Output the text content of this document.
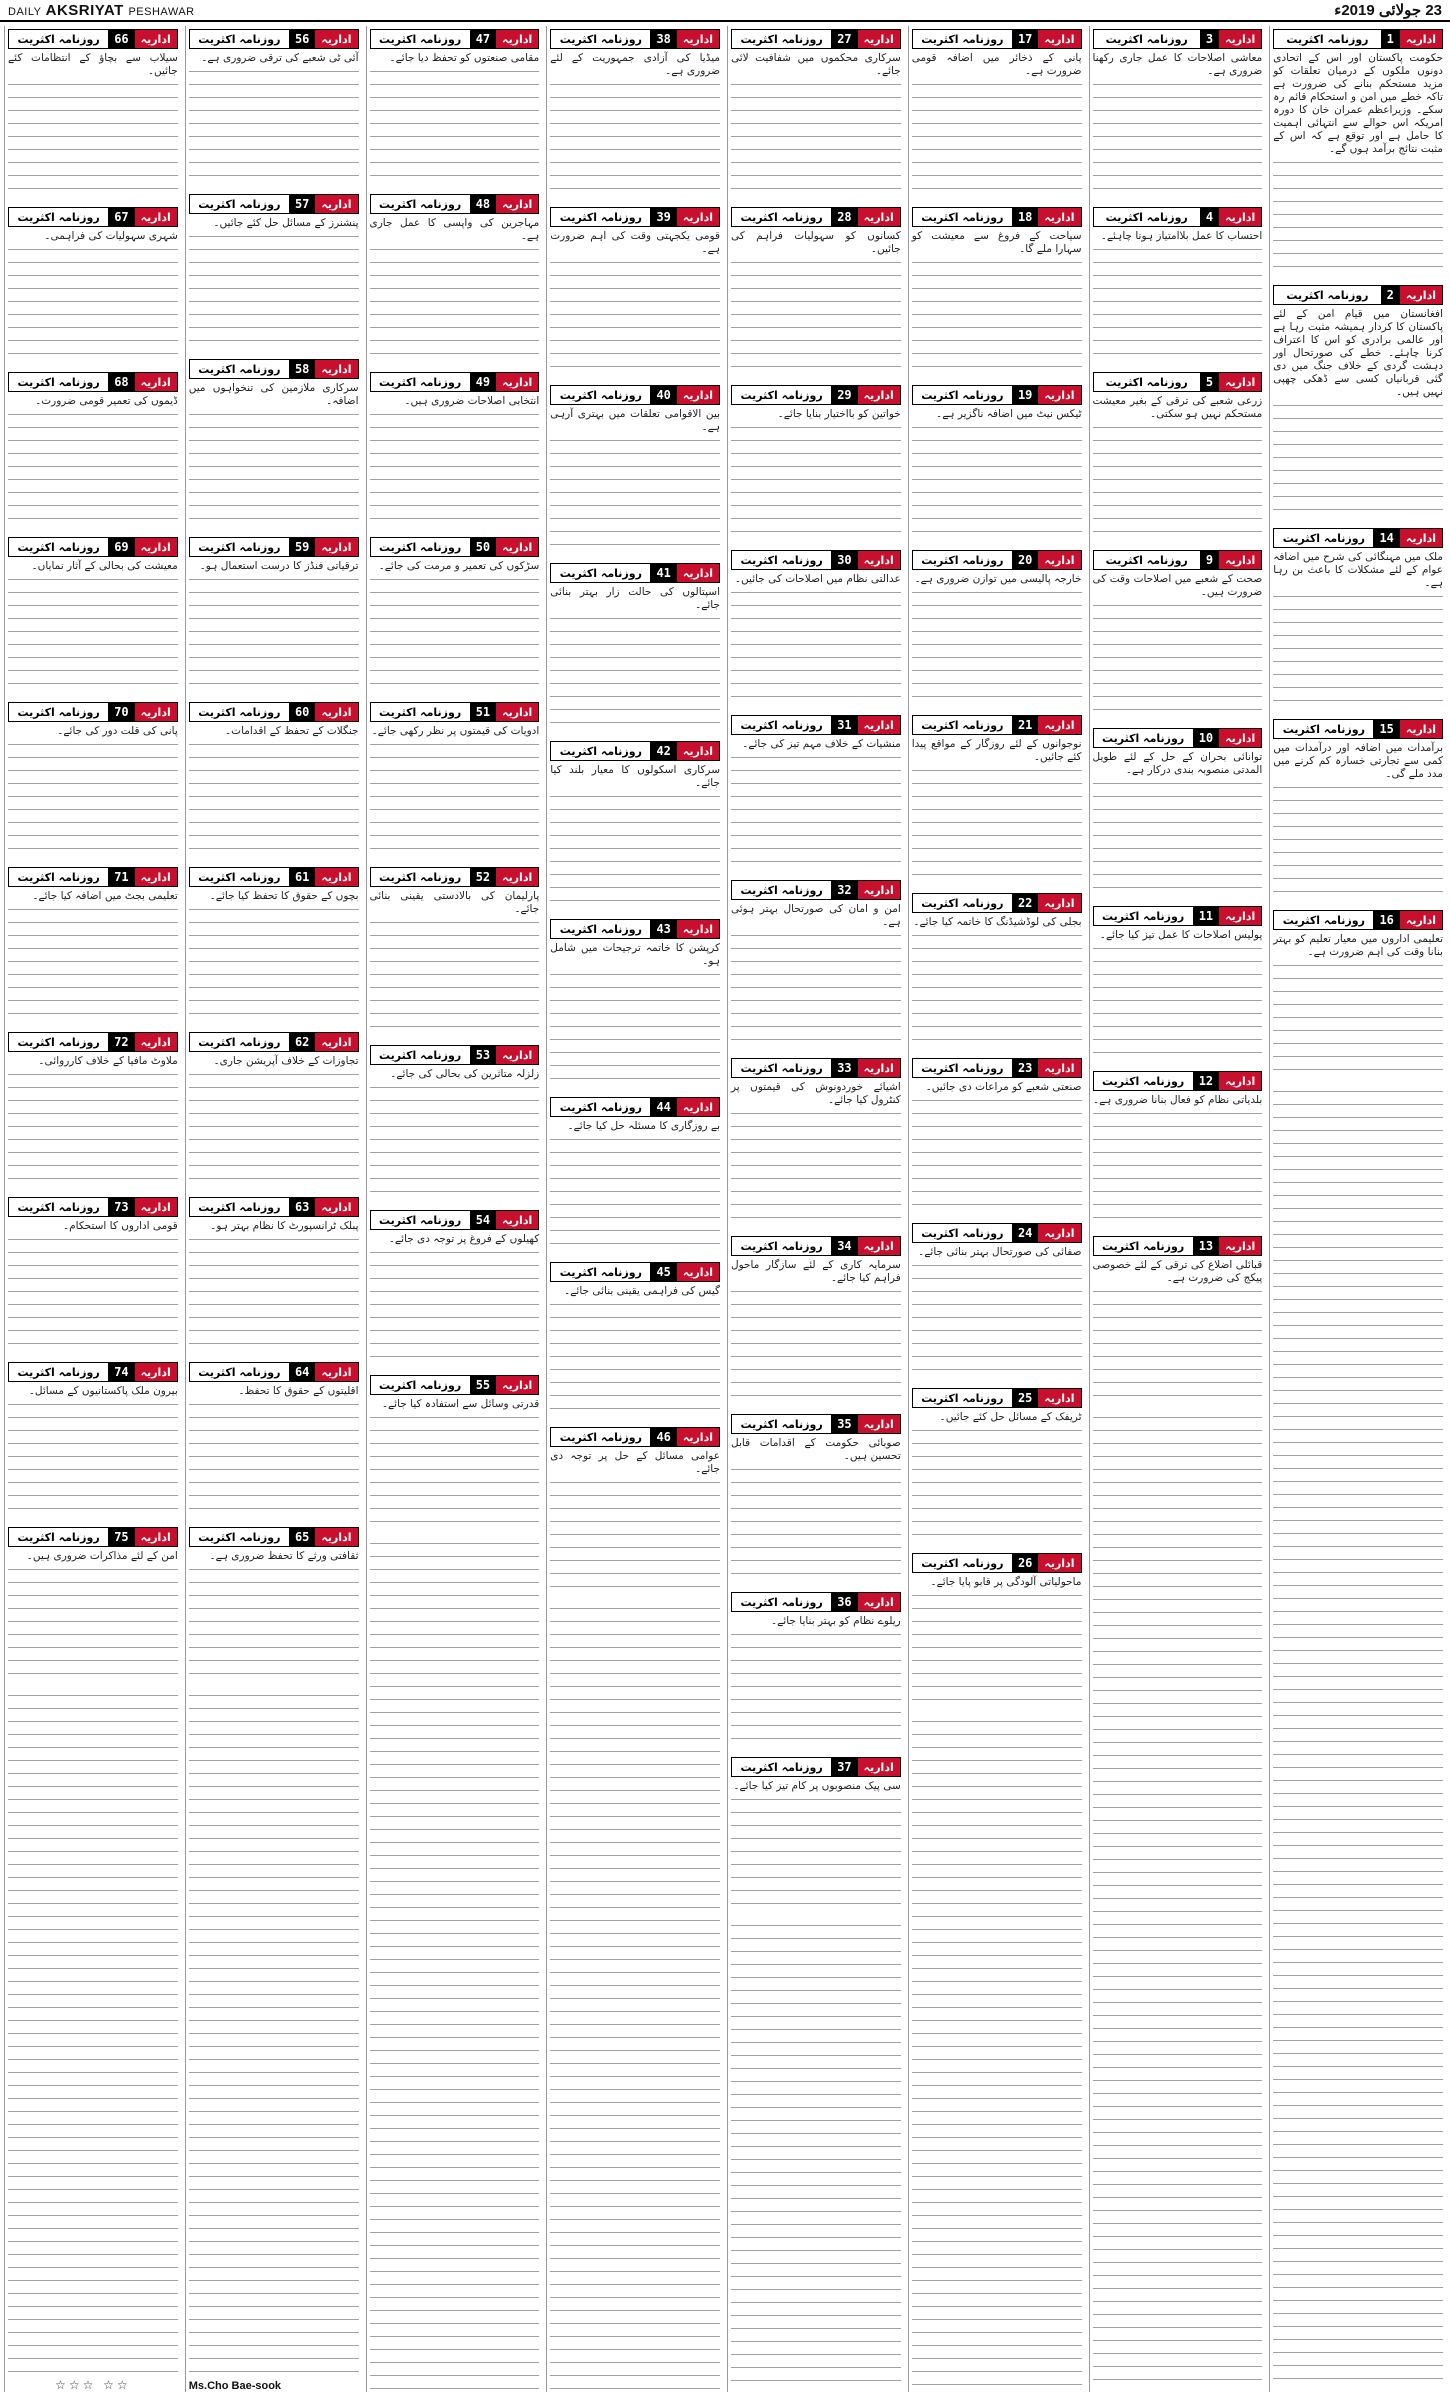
DAILY AKSRIYAT PESHAWAR	23 جولائی 2019ء
اداریہ
1
روزنامہ اکثریت
حکومت پاکستان اور اس کے اتحادی دونوں ملکوں کے درمیان تعلقات کو مزید مستحکم بنانے کی ضرورت ہے تاکہ خطے میں امن و استحکام قائم رہ سکے۔ وزیراعظم عمران خان کا دورہ امریکہ اس حوالے سے انتہائی اہمیت کا حامل ہے اور توقع ہے کہ اس کے مثبت نتائج برآمد ہوں گے۔
اداریہ
2
روزنامہ اکثریت
افغانستان میں قیام امن کے لئے پاکستان کا کردار ہمیشہ مثبت رہا ہے اور عالمی برادری کو اس کا اعتراف کرنا چاہئے۔ خطے کی صورتحال اور دہشت گردی کے خلاف جنگ میں دی گئی قربانیاں کسی سے ڈھکی چھپی نہیں ہیں۔
اداریہ
14
روزنامہ اکثریت
ملک میں مہنگائی کی شرح میں اضافہ عوام کے لئے مشکلات کا باعث بن رہا ہے۔
اداریہ
15
روزنامہ اکثریت
برآمدات میں اضافہ اور درآمدات میں کمی سے تجارتی خسارہ کم کرنے میں مدد ملے گی۔
اداریہ
16
روزنامہ اکثریت
تعلیمی اداروں میں معیار تعلیم کو بہتر بنانا وقت کی اہم ضرورت ہے۔
اداریہ
3
روزنامہ اکثریت
معاشی اصلاحات کا عمل جاری رکھنا ضروری ہے۔
اداریہ
4
روزنامہ اکثریت
احتساب کا عمل بلاامتیاز ہونا چاہئے۔
اداریہ
5
روزنامہ اکثریت
زرعی شعبے کی ترقی کے بغیر معیشت مستحکم نہیں ہو سکتی۔
اداریہ
9
روزنامہ اکثریت
صحت کے شعبے میں اصلاحات وقت کی ضرورت ہیں۔
اداریہ
10
روزنامہ اکثریت
توانائی بحران کے حل کے لئے طویل المدتی منصوبہ بندی درکار ہے۔
اداریہ
11
روزنامہ اکثریت
پولیس اصلاحات کا عمل تیز کیا جائے۔
اداریہ
12
روزنامہ اکثریت
بلدیاتی نظام کو فعال بنانا ضروری ہے۔
اداریہ
13
روزنامہ اکثریت
قبائلی اضلاع کی ترقی کے لئے خصوصی پیکج کی ضرورت ہے۔
اداریہ
17
روزنامہ اکثریت
پانی کے ذخائر میں اضافہ قومی ضرورت ہے۔
اداریہ
18
روزنامہ اکثریت
سیاحت کے فروغ سے معیشت کو سہارا ملے گا۔
اداریہ
19
روزنامہ اکثریت
ٹیکس نیٹ میں اضافہ ناگزیر ہے۔
اداریہ
20
روزنامہ اکثریت
خارجہ پالیسی میں توازن ضروری ہے۔
اداریہ
21
روزنامہ اکثریت
نوجوانوں کے لئے روزگار کے مواقع پیدا کئے جائیں۔
اداریہ
22
روزنامہ اکثریت
بجلی کی لوڈشیڈنگ کا خاتمہ کیا جائے۔
اداریہ
23
روزنامہ اکثریت
صنعتی شعبے کو مراعات دی جائیں۔
اداریہ
24
روزنامہ اکثریت
صفائی کی صورتحال بہتر بنائی جائے۔
اداریہ
25
روزنامہ اکثریت
ٹریفک کے مسائل حل کئے جائیں۔
اداریہ
26
روزنامہ اکثریت
ماحولیاتی آلودگی پر قابو پایا جائے۔
اداریہ
27
روزنامہ اکثریت
سرکاری محکموں میں شفافیت لائی جائے۔
اداریہ
28
روزنامہ اکثریت
کسانوں کو سہولیات فراہم کی جائیں۔
اداریہ
29
روزنامہ اکثریت
خواتین کو بااختیار بنایا جائے۔
اداریہ
30
روزنامہ اکثریت
عدالتی نظام میں اصلاحات کی جائیں۔
اداریہ
31
روزنامہ اکثریت
منشیات کے خلاف مہم تیز کی جائے۔
اداریہ
32
روزنامہ اکثریت
امن و امان کی صورتحال بہتر ہوئی ہے۔
اداریہ
33
روزنامہ اکثریت
اشیائے خوردونوش کی قیمتوں پر کنٹرول کیا جائے۔
اداریہ
34
روزنامہ اکثریت
سرمایہ کاری کے لئے سازگار ماحول فراہم کیا جائے۔
اداریہ
35
روزنامہ اکثریت
صوبائی حکومت کے اقدامات قابل تحسین ہیں۔
اداریہ
36
روزنامہ اکثریت
ریلوے نظام کو بہتر بنایا جائے۔
اداریہ
37
روزنامہ اکثریت
سی پیک منصوبوں پر کام تیز کیا جائے۔
اداریہ
38
روزنامہ اکثریت
میڈیا کی آزادی جمہوریت کے لئے ضروری ہے۔
اداریہ
39
روزنامہ اکثریت
قومی یکجہتی وقت کی اہم ضرورت ہے۔
اداریہ
40
روزنامہ اکثریت
بین الاقوامی تعلقات میں بہتری آرہی ہے۔
اداریہ
41
روزنامہ اکثریت
اسپتالوں کی حالت زار بہتر بنائی جائے۔
اداریہ
42
روزنامہ اکثریت
سرکاری اسکولوں کا معیار بلند کیا جائے۔
اداریہ
43
روزنامہ اکثریت
کرپشن کا خاتمہ ترجیحات میں شامل ہو۔
اداریہ
44
روزنامہ اکثریت
بے روزگاری کا مسئلہ حل کیا جائے۔
اداریہ
45
روزنامہ اکثریت
گیس کی فراہمی یقینی بنائی جائے۔
اداریہ
46
روزنامہ اکثریت
عوامی مسائل کے حل پر توجہ دی جائے۔
اداریہ
47
روزنامہ اکثریت
مقامی صنعتوں کو تحفظ دیا جائے۔
اداریہ
48
روزنامہ اکثریت
مہاجرین کی واپسی کا عمل جاری ہے۔
اداریہ
49
روزنامہ اکثریت
انتخابی اصلاحات ضروری ہیں۔
اداریہ
50
روزنامہ اکثریت
سڑکوں کی تعمیر و مرمت کی جائے۔
اداریہ
51
روزنامہ اکثریت
ادویات کی قیمتوں پر نظر رکھی جائے۔
اداریہ
52
روزنامہ اکثریت
پارلیمان کی بالادستی یقینی بنائی جائے۔
اداریہ
53
روزنامہ اکثریت
زلزلہ متاثرین کی بحالی کی جائے۔
اداریہ
54
روزنامہ اکثریت
کھیلوں کے فروغ پر توجہ دی جائے۔
اداریہ
55
روزنامہ اکثریت
قدرتی وسائل سے استفادہ کیا جائے۔
اداریہ
56
روزنامہ اکثریت
آئی ٹی شعبے کی ترقی ضروری ہے۔
اداریہ
57
روزنامہ اکثریت
پنشنرز کے مسائل حل کئے جائیں۔
اداریہ
58
روزنامہ اکثریت
سرکاری ملازمین کی تنخواہوں میں اضافہ۔
اداریہ
59
روزنامہ اکثریت
ترقیاتی فنڈز کا درست استعمال ہو۔
اداریہ
60
روزنامہ اکثریت
جنگلات کے تحفظ کے اقدامات۔
اداریہ
61
روزنامہ اکثریت
بچوں کے حقوق کا تحفظ کیا جائے۔
اداریہ
62
روزنامہ اکثریت
تجاوزات کے خلاف آپریشن جاری۔
اداریہ
63
روزنامہ اکثریت
پبلک ٹرانسپورٹ کا نظام بہتر ہو۔
اداریہ
64
روزنامہ اکثریت
اقلیتوں کے حقوق کا تحفظ۔
اداریہ
65
روزنامہ اکثریت
ثقافتی ورثے کا تحفظ ضروری ہے۔
Ms.Cho Bae-sook
اداریہ
66
روزنامہ اکثریت
سیلاب سے بچاؤ کے انتظامات کئے جائیں۔
اداریہ
67
روزنامہ اکثریت
شہری سہولیات کی فراہمی۔
اداریہ
68
روزنامہ اکثریت
ڈیموں کی تعمیر قومی ضرورت۔
اداریہ
69
روزنامہ اکثریت
معیشت کی بحالی کے آثار نمایاں۔
اداریہ
70
روزنامہ اکثریت
پانی کی قلت دور کی جائے۔
اداریہ
71
روزنامہ اکثریت
تعلیمی بجٹ میں اضافہ کیا جائے۔
اداریہ
72
روزنامہ اکثریت
ملاوٹ مافیا کے خلاف کارروائی۔
اداریہ
73
روزنامہ اکثریت
قومی اداروں کا استحکام۔
اداریہ
74
روزنامہ اکثریت
بیرون ملک پاکستانیوں کے مسائل۔
اداریہ
75
روزنامہ اکثریت
امن کے لئے مذاکرات ضروری ہیں۔
☆☆☆ ☆☆
